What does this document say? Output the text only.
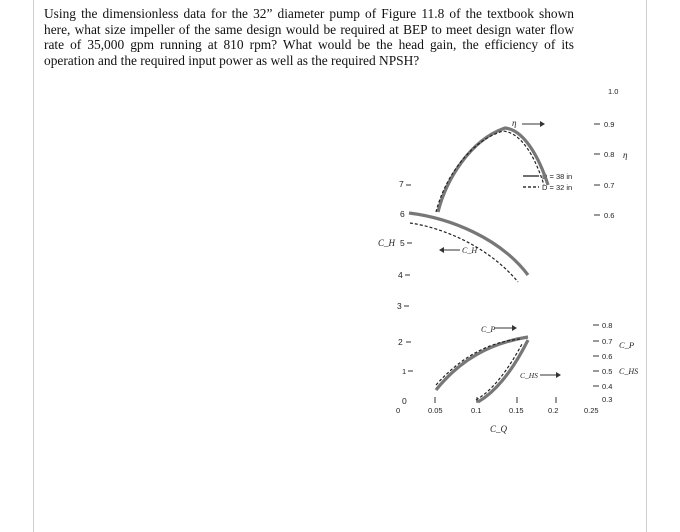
Using the dimensionless data for the 32” diameter pump of Figure 11.8 of the textbook shown here, what size impeller of the same design would be required at BEP to meet design water flow rate of 35,000 gpm running at 810 rpm? What would be the head gain, the efficiency of its operation and the required input power as well as the required NPSH?

0
1
2
3
4
5
6
7
C_H
0	0.05	0.1	0.15	0.2	0.25
C_Q
1.0
0.9
0.8 η
0.7
0.6
0.8
0.7 C_P
0.6
0.5 C_HS
0.4
0.3
D = 38 in
D = 32 in
η
C_H
C_P
C_HS
